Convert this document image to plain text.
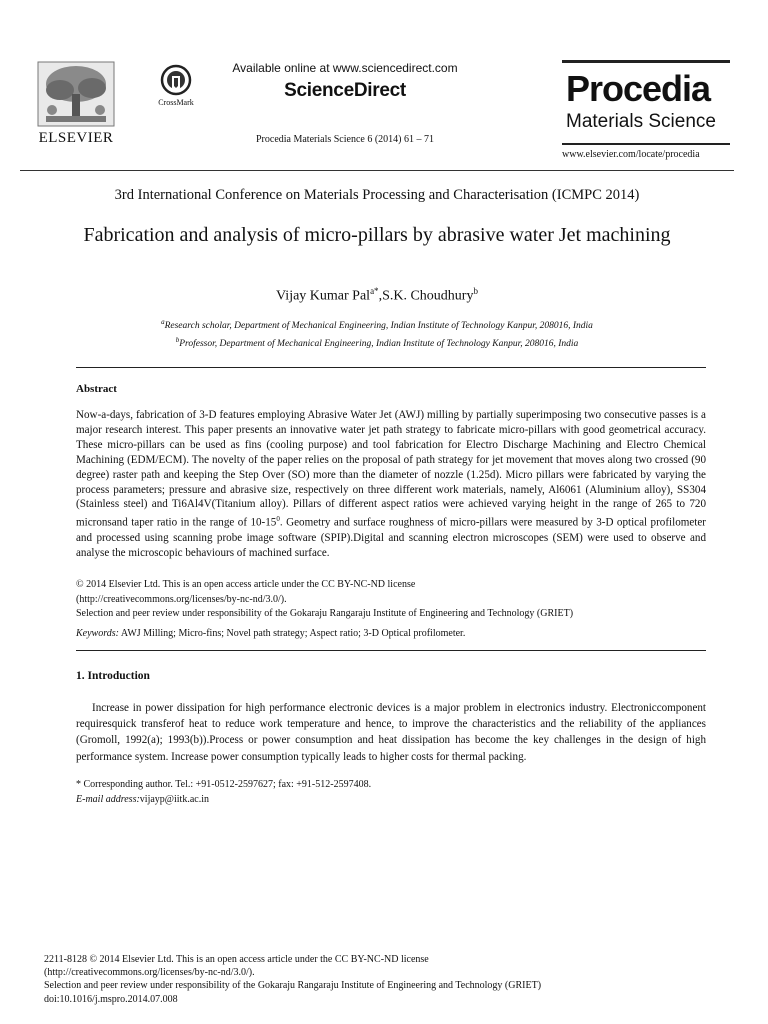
ELSEVIER
CrossMark
Available online at www.sciencedirect.com
ScienceDirect
Procedia Materials Science 6 (2014) 61 – 71
Procedia
Materials Science
www.elsevier.com/locate/procedia
3rd International Conference on Materials Processing and Characterisation (ICMPC 2014)
Fabrication and analysis of micro-pillars by abrasive water Jet machining
Vijay Kumar Pal$^{a*}$,S.K. Choudhury$^b$
$^a$Research scholar, Department of Mechanical Engineering, Indian Institute of Technology Kanpur, 208016, India
$^b$Professor, Department of Mechanical Engineering, Indian Institute of Technology Kanpur, 208016, India
Abstract
Now-a-days, fabrication of 3-D features employing Abrasive Water Jet (AWJ) milling by partially superimposing two consecutive passes is a major research interest. This paper presents an innovative water jet path strategy to fabricate micro-pillars with good geometrical accuracy. These micro-pillars can be used as fins (cooling purpose) and tool fabrication for Electro Discharge Machining and Electro Chemical Machining (EDM/ECM). The novelty of the paper relies on the proposal of path strategy for jet movement that moves along two crossed (90 degree) raster path and keeping the Step Over (SO) more than the diameter of nozzle (1.25d). Micro pillars were fabricated by varying the process parameters; pressure and abrasive size, respectively on three different work materials, namely, Al6061 (Aluminium alloy), SS304 (Stainless steel) and Ti6Al4V(Titanium alloy). Pillars of different aspect ratios were achieved varying height in the range of 265 to 720 micronsand taper ratio in the range of $10-15^0$. Geometry and surface roughness of micro-pillars were measured by 3-D optical profilometer and processed using scanning probe image software (SPIP).Digital and scanning electron microscopes (SEM) were used to observe and analyse the microscopic behaviours of machined surface.
© 2014 Elsevier Ltd. This is an open access article under the CC BY-NC-ND license
(http://creativecommons.org/licenses/by-nc-nd/3.0/).
Selection and peer review under responsibility of the Gokaraju Rangaraju Institute of Engineering and Technology (GRIET)
Keywords: AWJ Milling; Micro-fins; Novel path strategy; Aspect ratio; 3-D Optical profilometer.
1. Introduction
Increase in power dissipation for high performance electronic devices is a major problem in electronics industry. Electroniccomponent requiresquick transferof heat to reduce work temperature and hence, to improve the characteristics and the reliability of the appliances (Gromoll, 1992(a); 1993(b)).Process or power consumption and heat dissipation has become the key challenges in the design of high performance system. Increase power consumption typically leads to higher costs for thermal packing.
* Corresponding author. Tel.: +91-0512-2597627; fax: +91-512-2597408.
E-mail address:vijayp@iitk.ac.in
2211-8128 © 2014 Elsevier Ltd. This is an open access article under the CC BY-NC-ND license
(http://creativecommons.org/licenses/by-nc-nd/3.0/).
Selection and peer review under responsibility of the Gokaraju Rangaraju Institute of Engineering and Technology (GRIET)
doi:10.1016/j.mspro.2014.07.008
